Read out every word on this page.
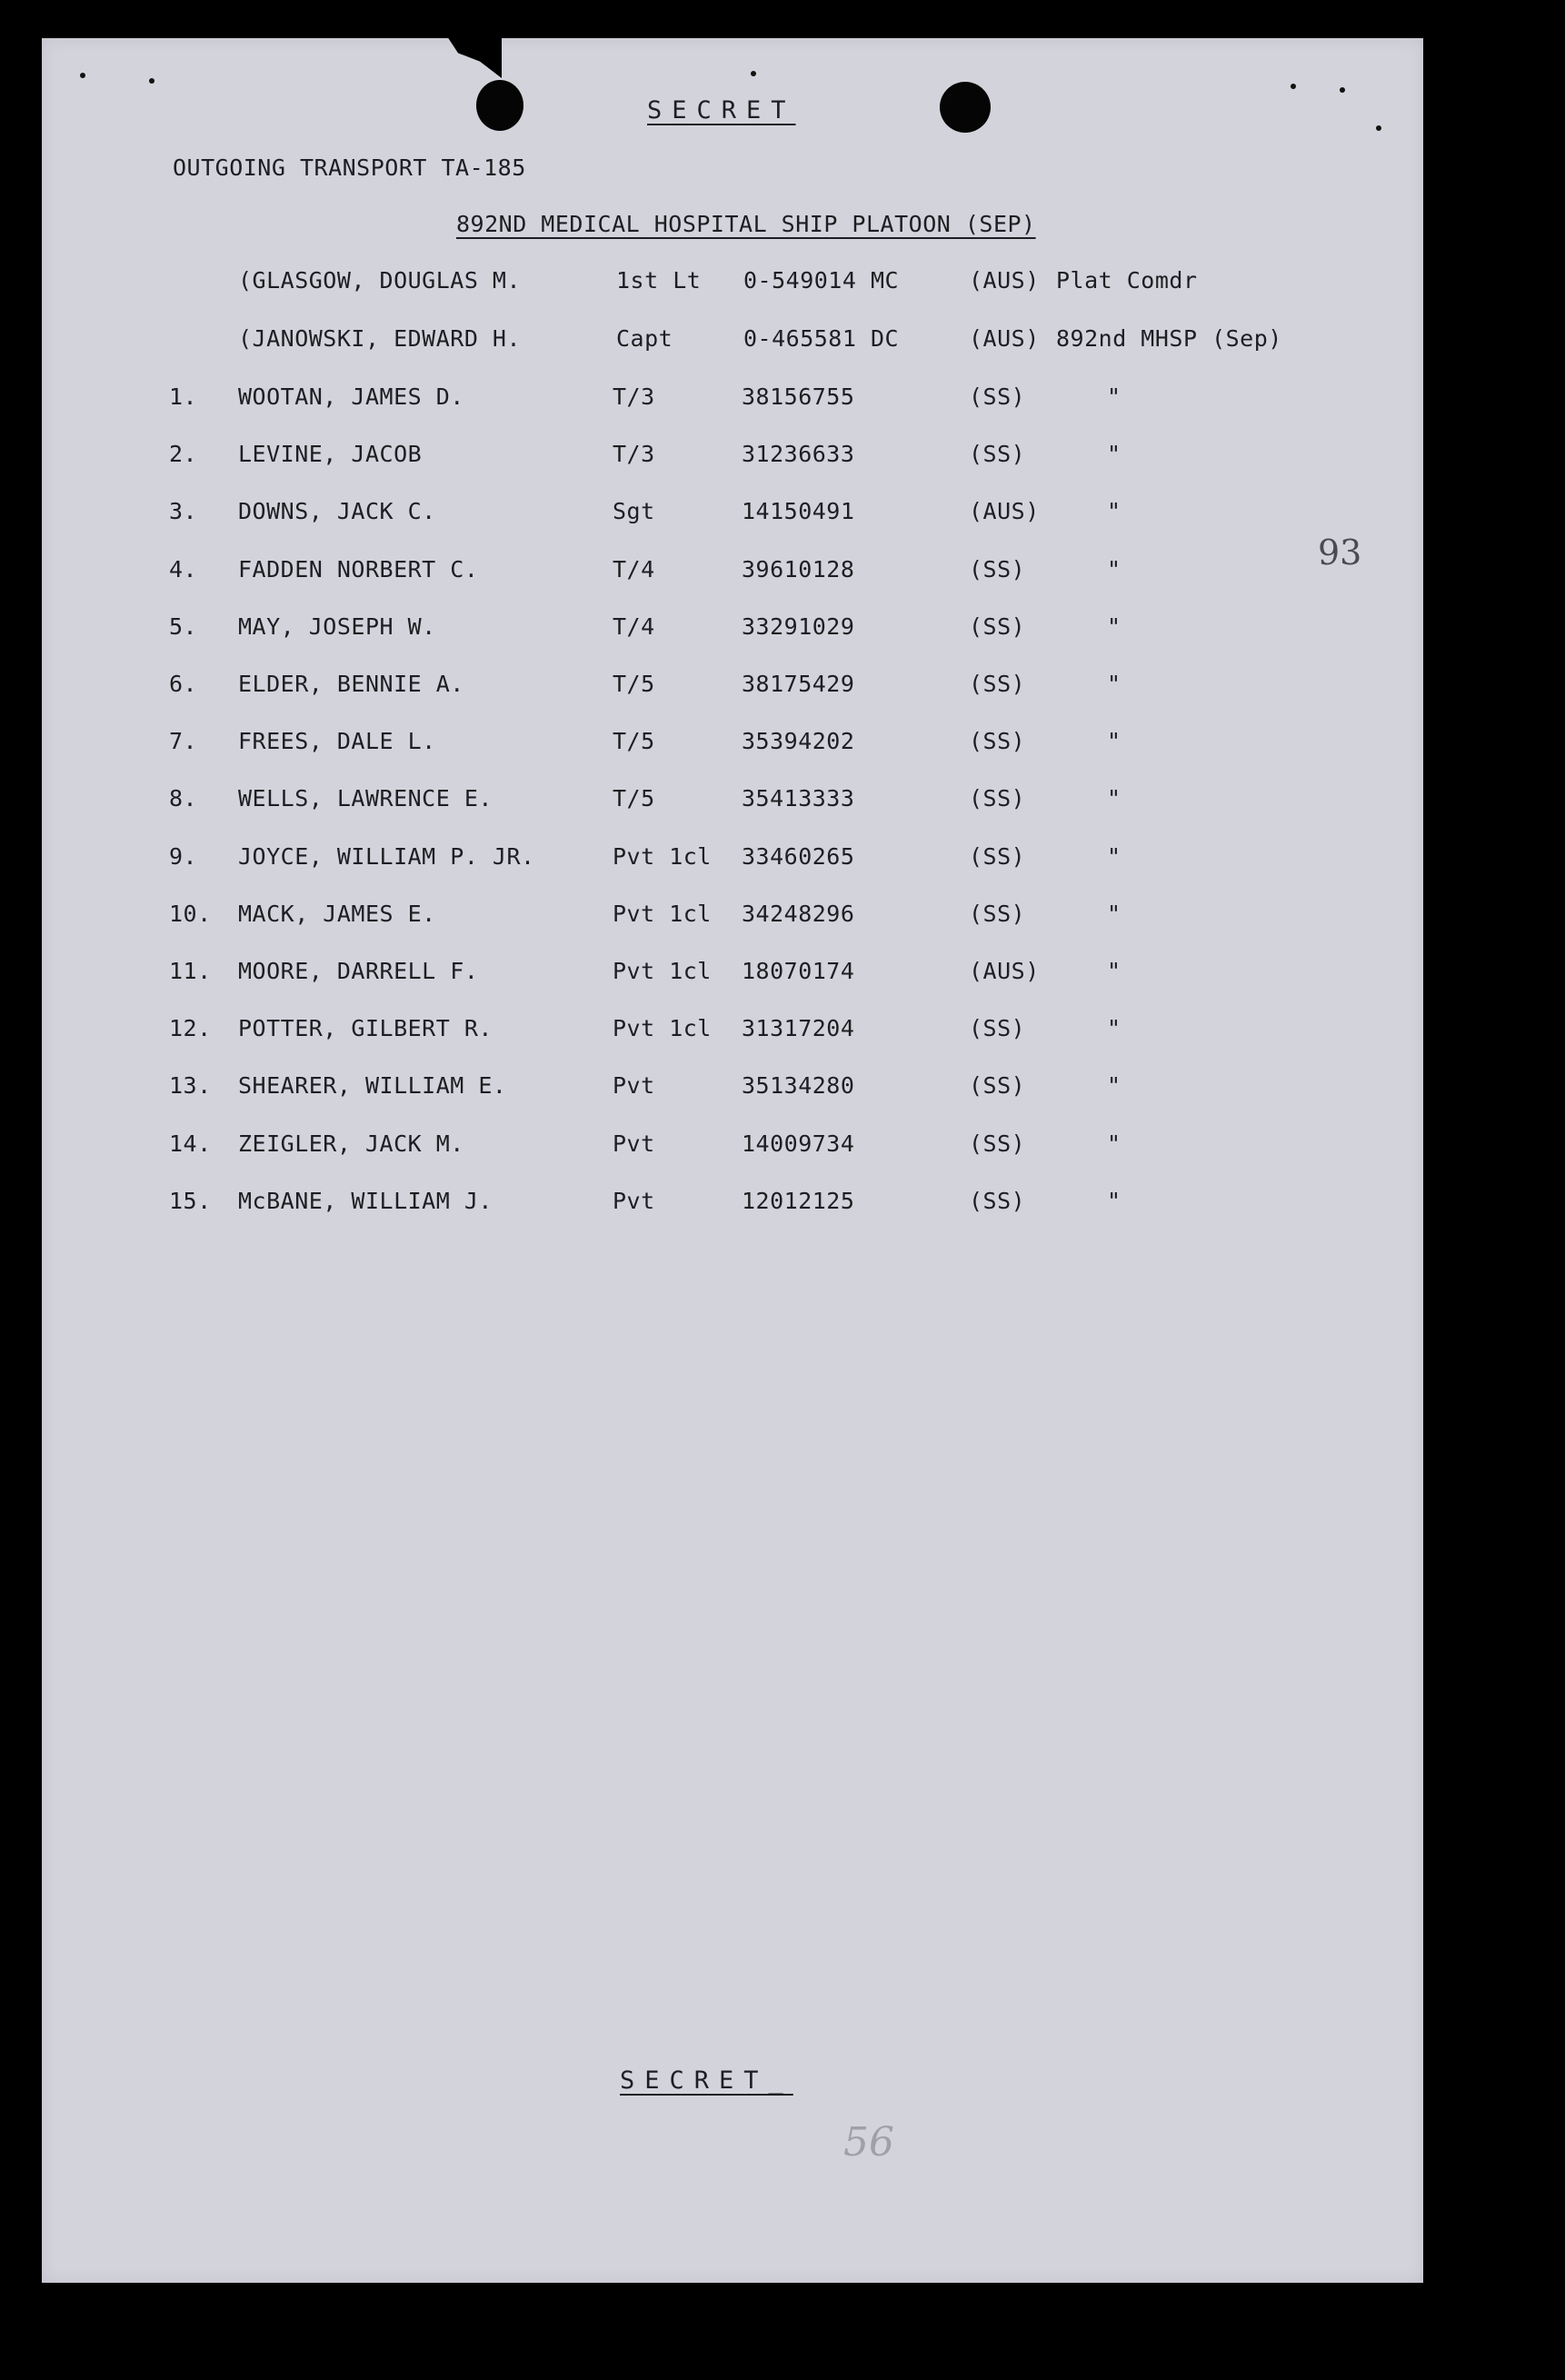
SECRET
OUTGOING TRANSPORT TA-185
892ND MEDICAL HOSPITAL SHIP PLATOON (SEP)
(GLASGOW, DOUGLAS M.	1st Lt 0-549014 MC	(AUS) Plat Comdr
(JANOWSKI, EDWARD H.	Capt	0-465581 DC	(AUS) 892nd MHSP (Sep)
1. WOOTAN, JAMES D.	T/3	38156755	(SS)	"
2. LEVINE, JACOB	T/3	31236633	(SS)	"
3. DOWNS, JACK C.	Sgt	14150491	(AUS)	"
4. FADDEN NORBERT C.	T/4	39610128	(SS)	"
5. MAY, JOSEPH W.	T/4	33291029	(SS)	"
6. ELDER, BENNIE A.	T/5	38175429	(SS)	"
7. FREES, DALE L.	T/5	35394202	(SS)	"
8. WELLS, LAWRENCE E.	T/5	35413333	(SS)	"
9. JOYCE, WILLIAM P. JR.	Pvt 1cl 33460265	(SS)	"
10. MACK, JAMES E.	Pvt 1cl 34248296	(SS)	"
11. MOORE, DARRELL F.	Pvt 1cl 18070174	(AUS)	"
12. POTTER, GILBERT R.	Pvt 1cl 31317204	(SS)	"
13. SHEARER, WILLIAM E.	Pvt	35134280	(SS)	"
14. ZEIGLER, JACK M.	Pvt	14009734	(SS)	"
15. McBANE, WILLIAM J.	Pvt	12012125	(SS)	"
93
SECRET_
56
